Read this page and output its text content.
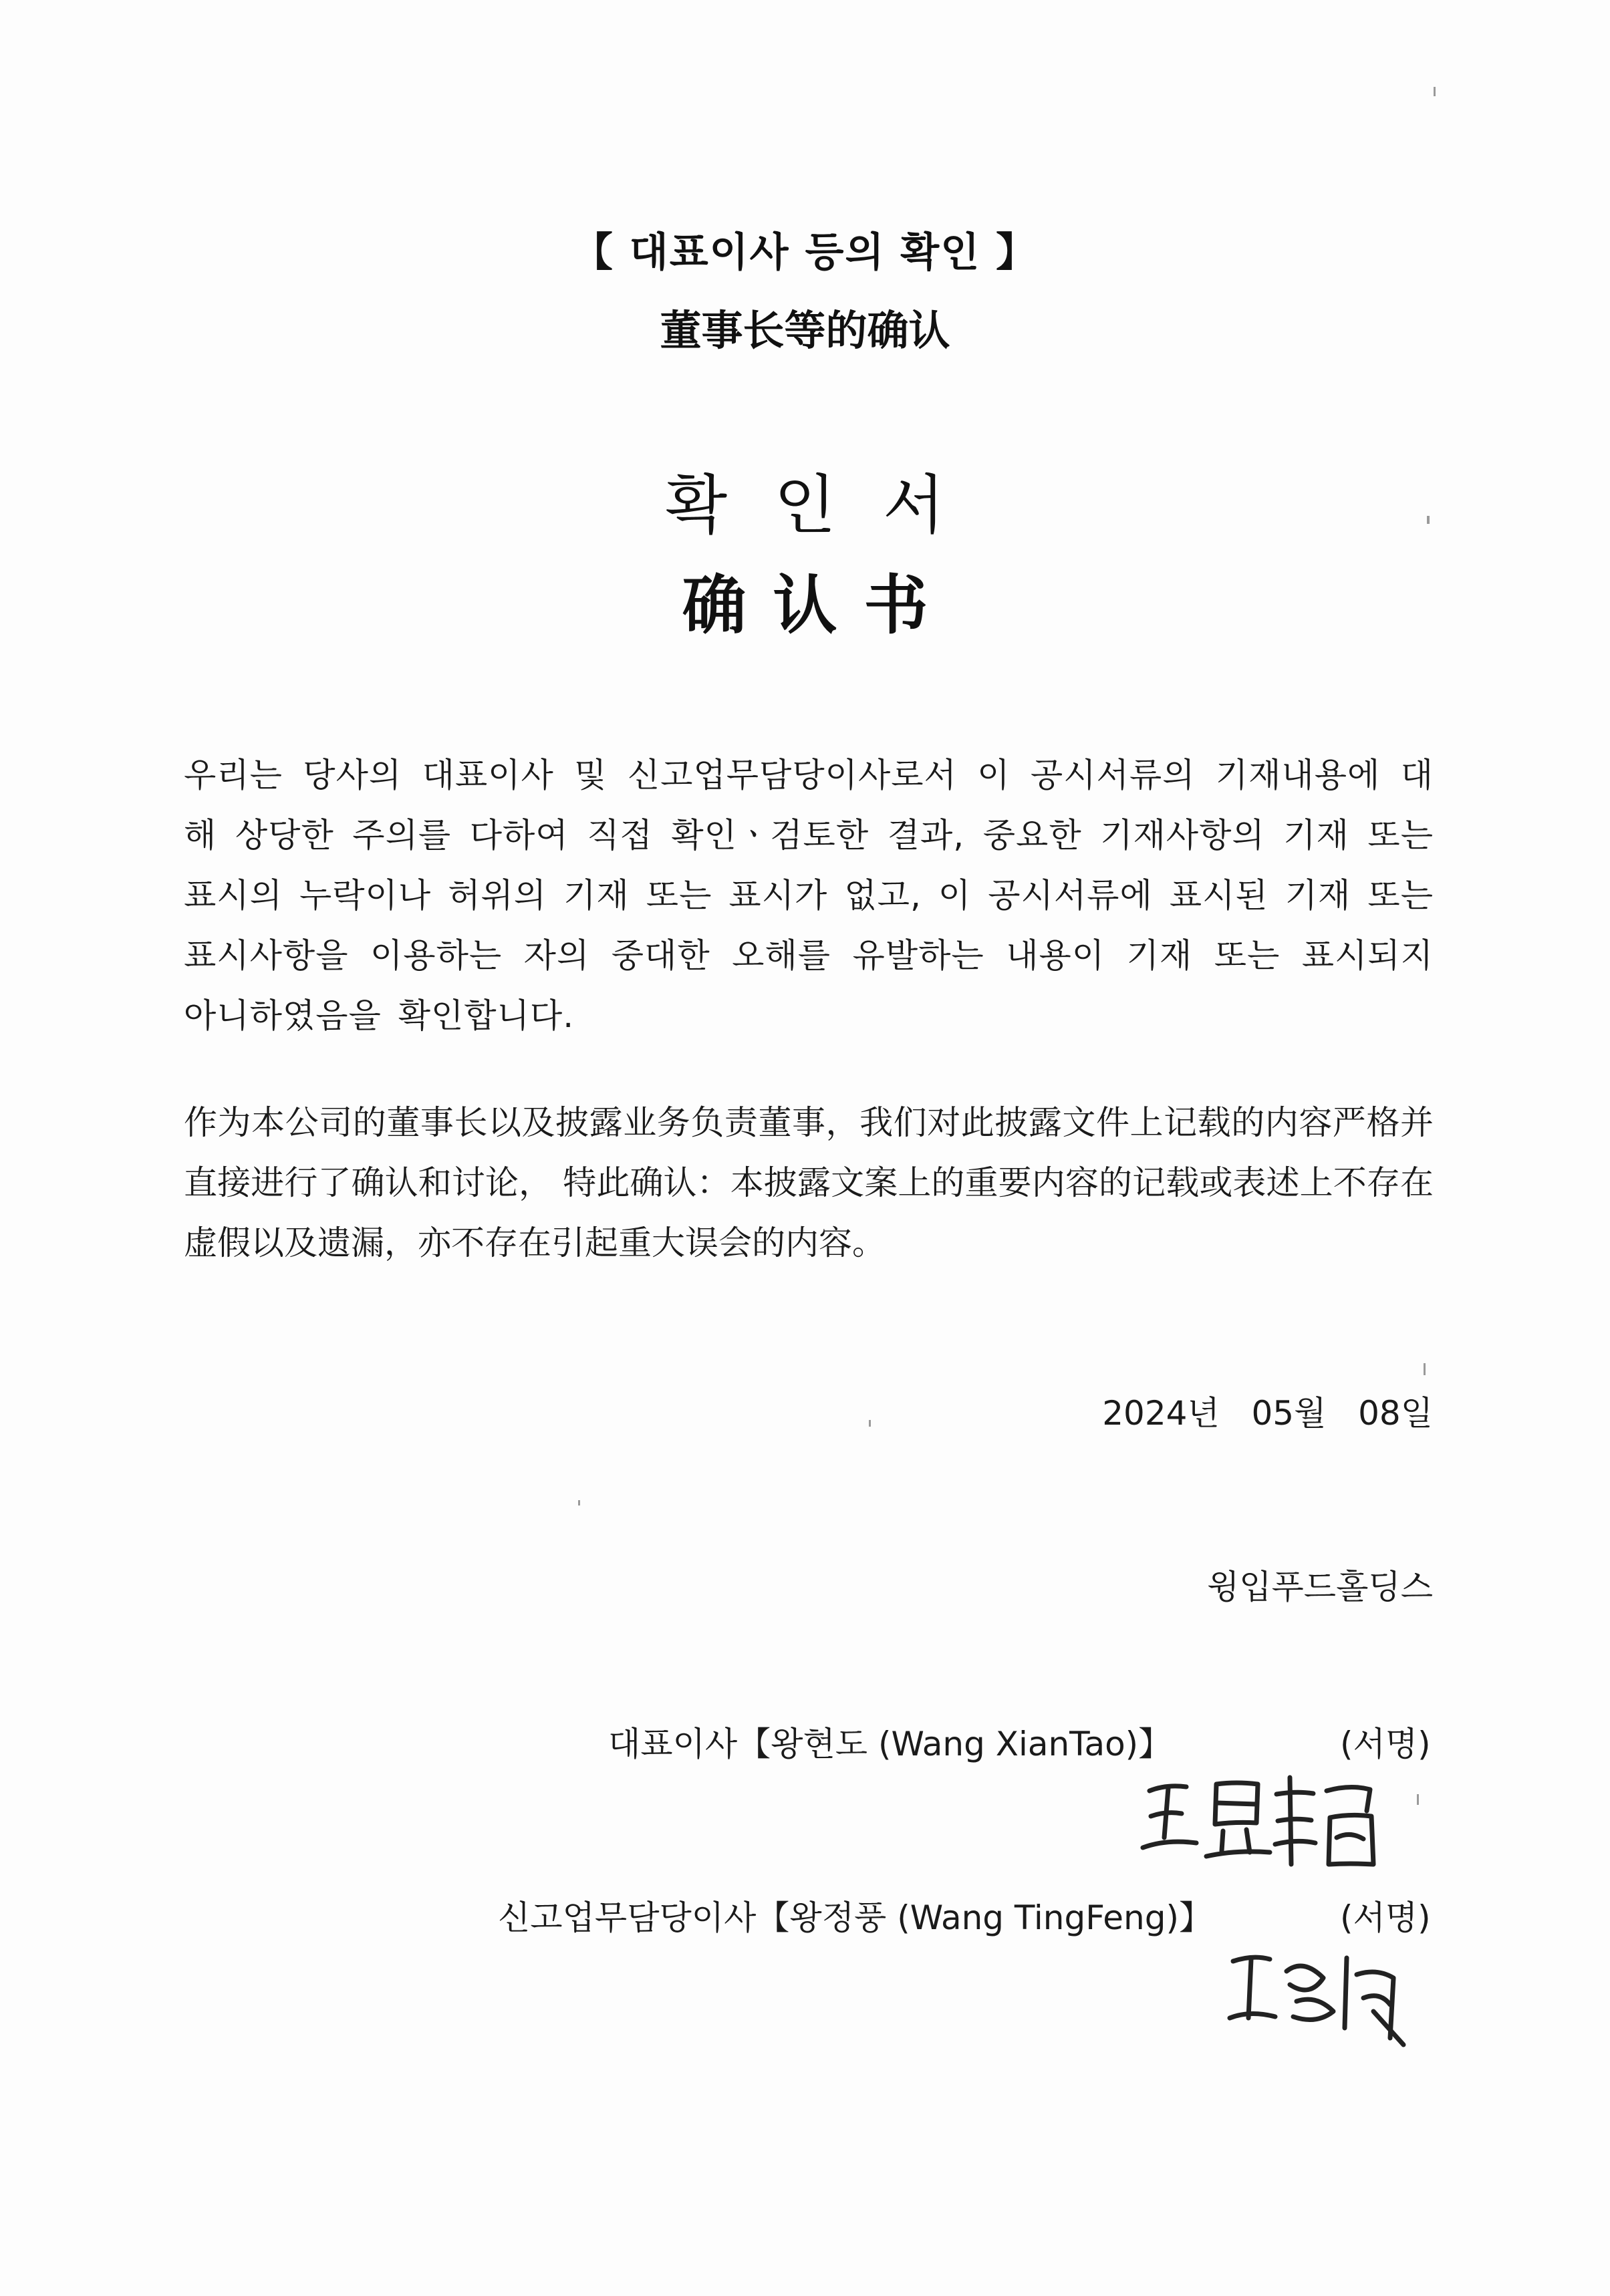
【 대표이사 등의 확인 】
董事长等的确认
확인서
确认书
우리는 당사의 대표이사 및 신고업무담당이사로서 이 공시서류의 기재내용에 대해 상당한 주의를 다하여 직접 확인ㆍ검토한 결과, 중요한 기재사항의 기재 또는 표시의 누락이나 허위의 기재 또는 표시가 없고, 이 공시서류에 표시된 기재 또는 표시사항을 이용하는 자의 중대한 오해를 유발하는 내용이 기재 또는 표시되지 아니하였음을 확인합니다.
作为本公司的董事长以及披露业务负责董事，我们对此披露文件上记载的内容严格并直接进行了确认和讨论， 特此确认：本披露文案上的重要内容的记载或表述上不存在虚假以及遗漏，亦不存在引起重大误会的内容。
2024년   05월   08일
윙입푸드홀딩스
대표이사【왕현도 (Wang XianTao)】	(서명)
신고업무담당이사【왕정풍 (Wang TingFeng)】	(서명)
